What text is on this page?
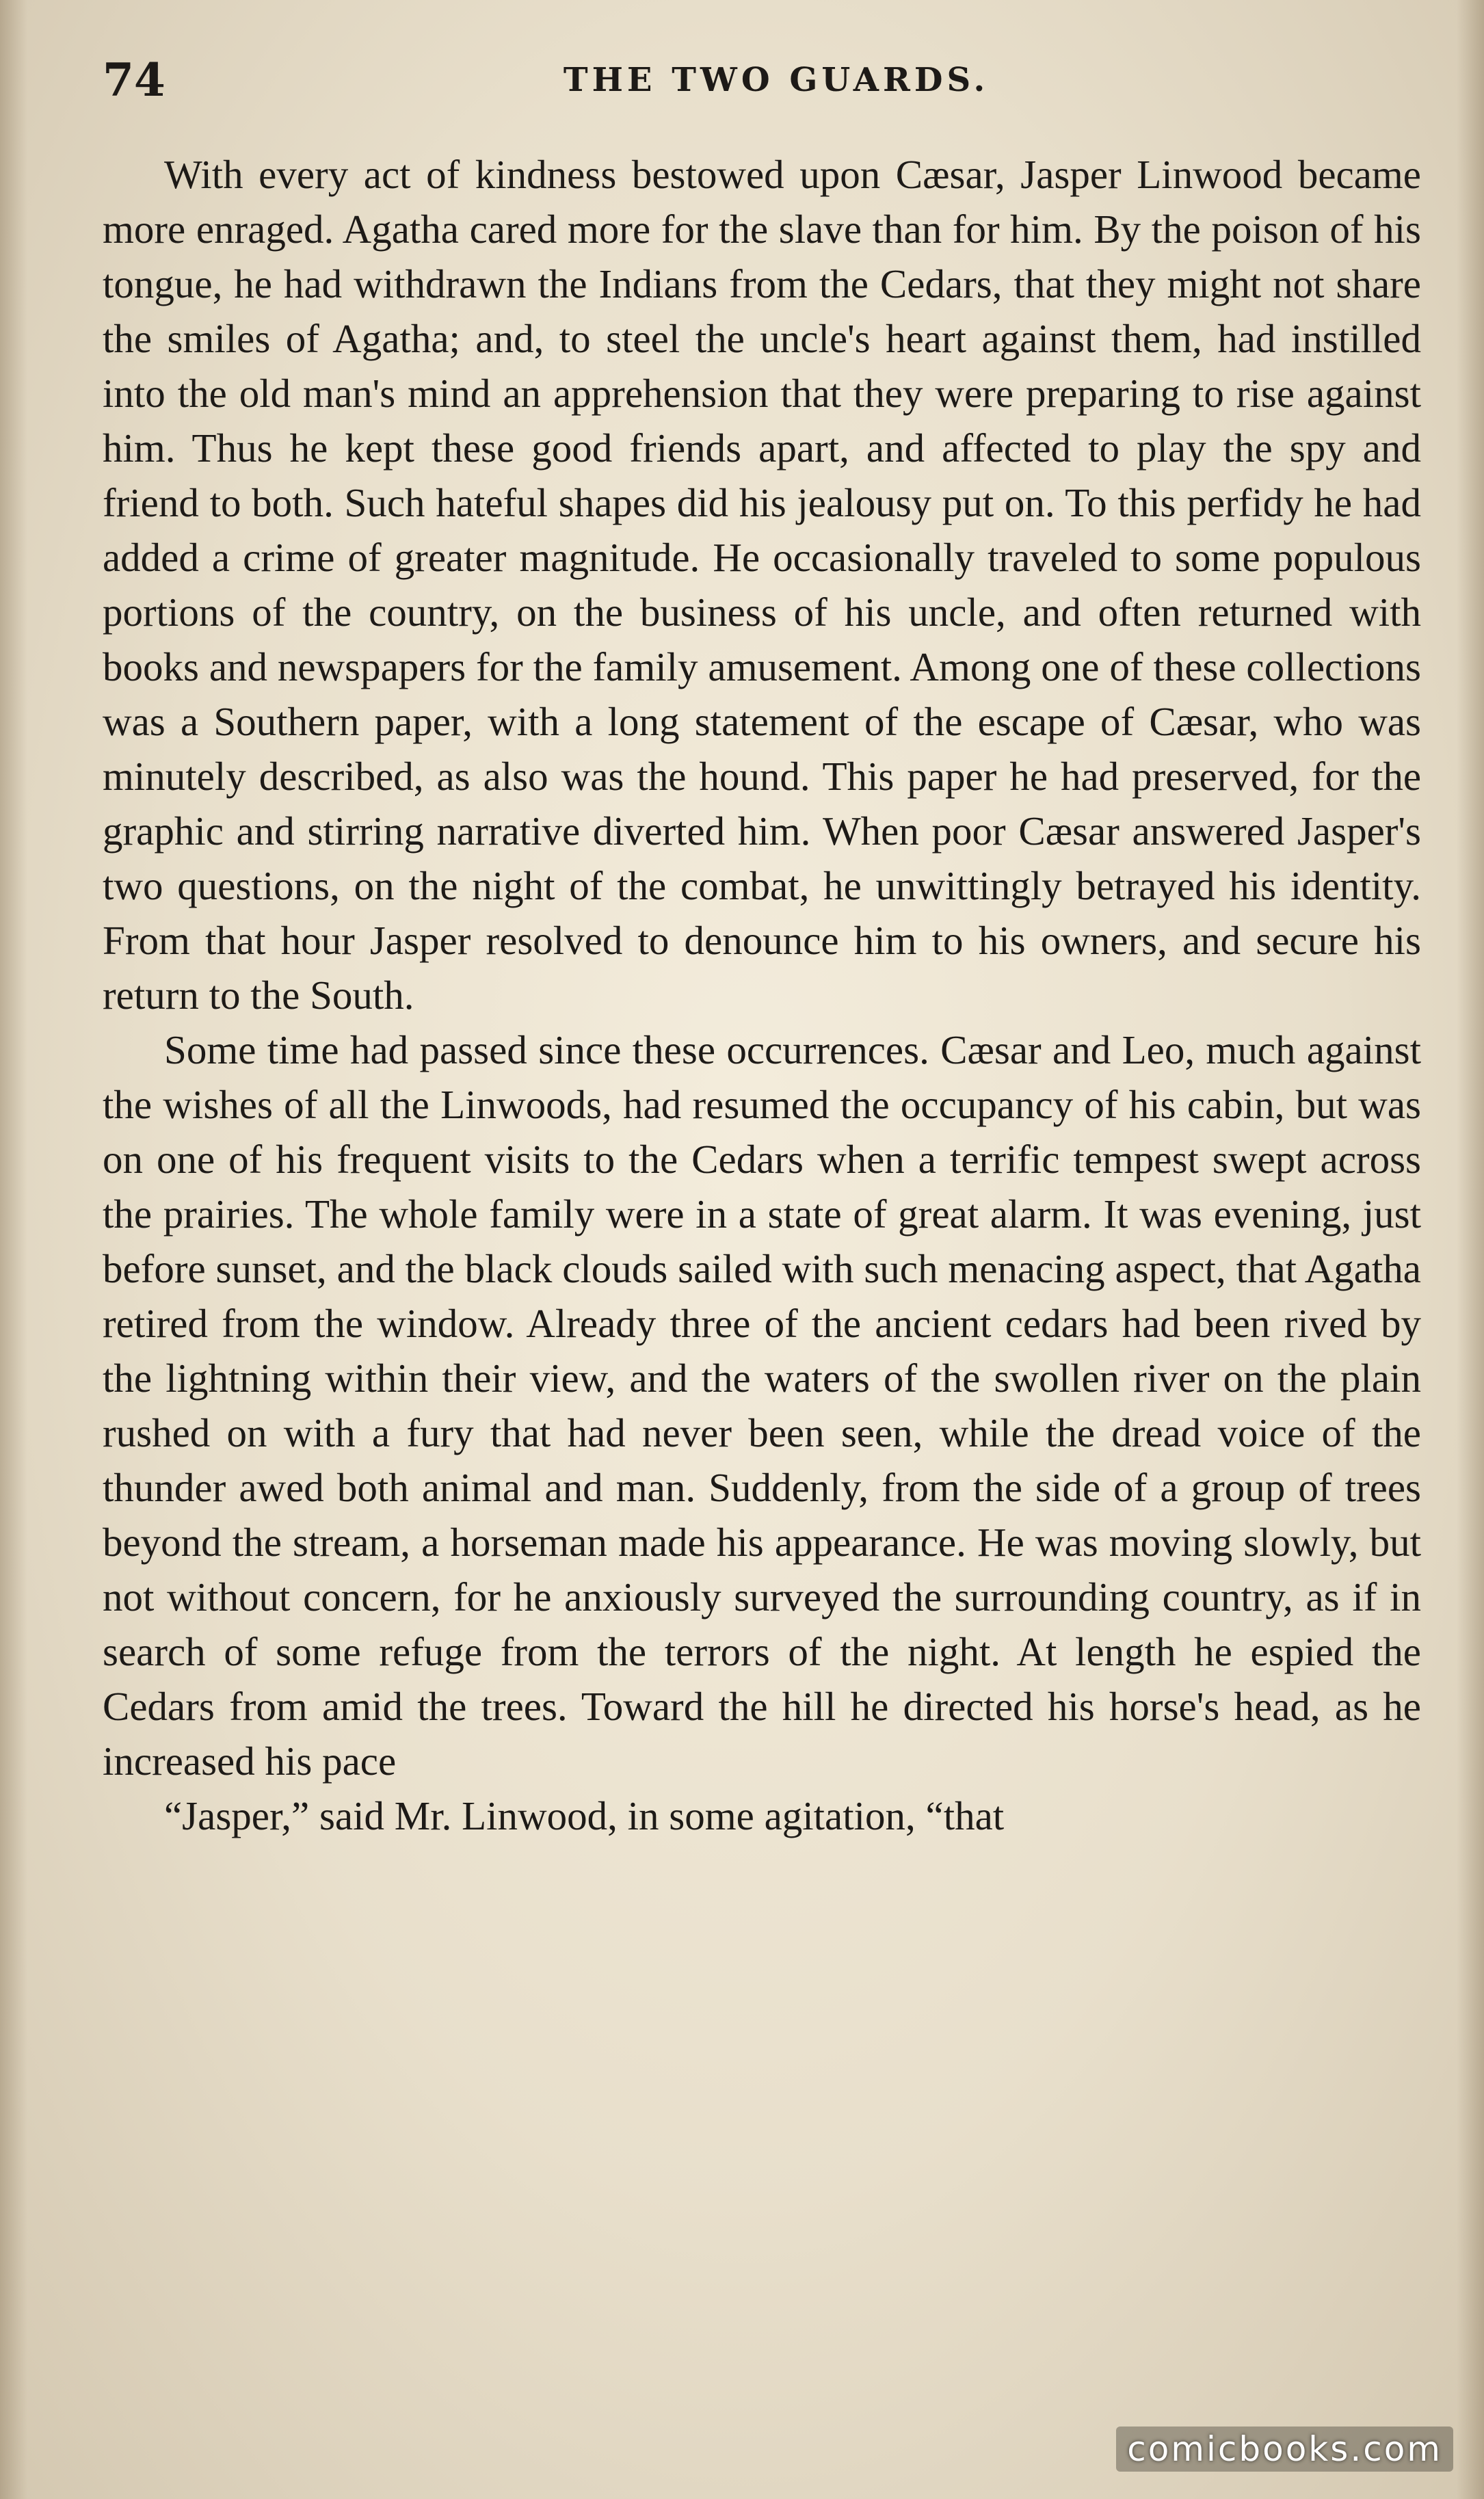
74	THE TWO GUARDS.

With every act of kindness bestowed upon Cæsar, Jasper Linwood became more enraged. Agatha cared more for the slave than for him. By the poison of his tongue, he had withdrawn the Indians from the Cedars, that they might not share the smiles of Agatha; and, to steel the uncle's heart against them, had instilled into the old man's mind an apprehension that they were preparing to rise against him. Thus he kept these good friends apart, and affected to play the spy and friend to both. Such hateful shapes did his jealousy put on. To this perfidy he had added a crime of greater magnitude. He occasionally traveled to some populous portions of the country, on the business of his uncle, and often returned with books and newspapers for the family amusement. Among one of these collections was a Southern paper, with a long statement of the escape of Cæsar, who was minutely described, as also was the hound. This paper he had preserved, for the graphic and stirring narrative diverted him. When poor Cæsar answered Jasper's two questions, on the night of the combat, he unwittingly betrayed his identity. From that hour Jasper resolved to denounce him to his owners, and secure his return to the South.

Some time had passed since these occurrences. Cæsar and Leo, much against the wishes of all the Linwoods, had resumed the occupancy of his cabin, but was on one of his frequent visits to the Cedars when a terrific tempest swept across the prairies. The whole family were in a state of great alarm. It was evening, just before sunset, and the black clouds sailed with such menacing aspect, that Agatha retired from the window. Already three of the ancient cedars had been rived by the lightning within their view, and the waters of the swollen river on the plain rushed on with a fury that had never been seen, while the dread voice of the thunder awed both animal and man. Suddenly, from the side of a group of trees beyond the stream, a horseman made his appearance. He was moving slowly, but not without concern, for he anxiously surveyed the surrounding country, as if in search of some refuge from the terrors of the night. At length he espied the Cedars from amid the trees. Toward the hill he directed his horse's head, as he increased his pace

“Jasper,” said Mr. Linwood, in some agitation, “that

comicbooks.com
